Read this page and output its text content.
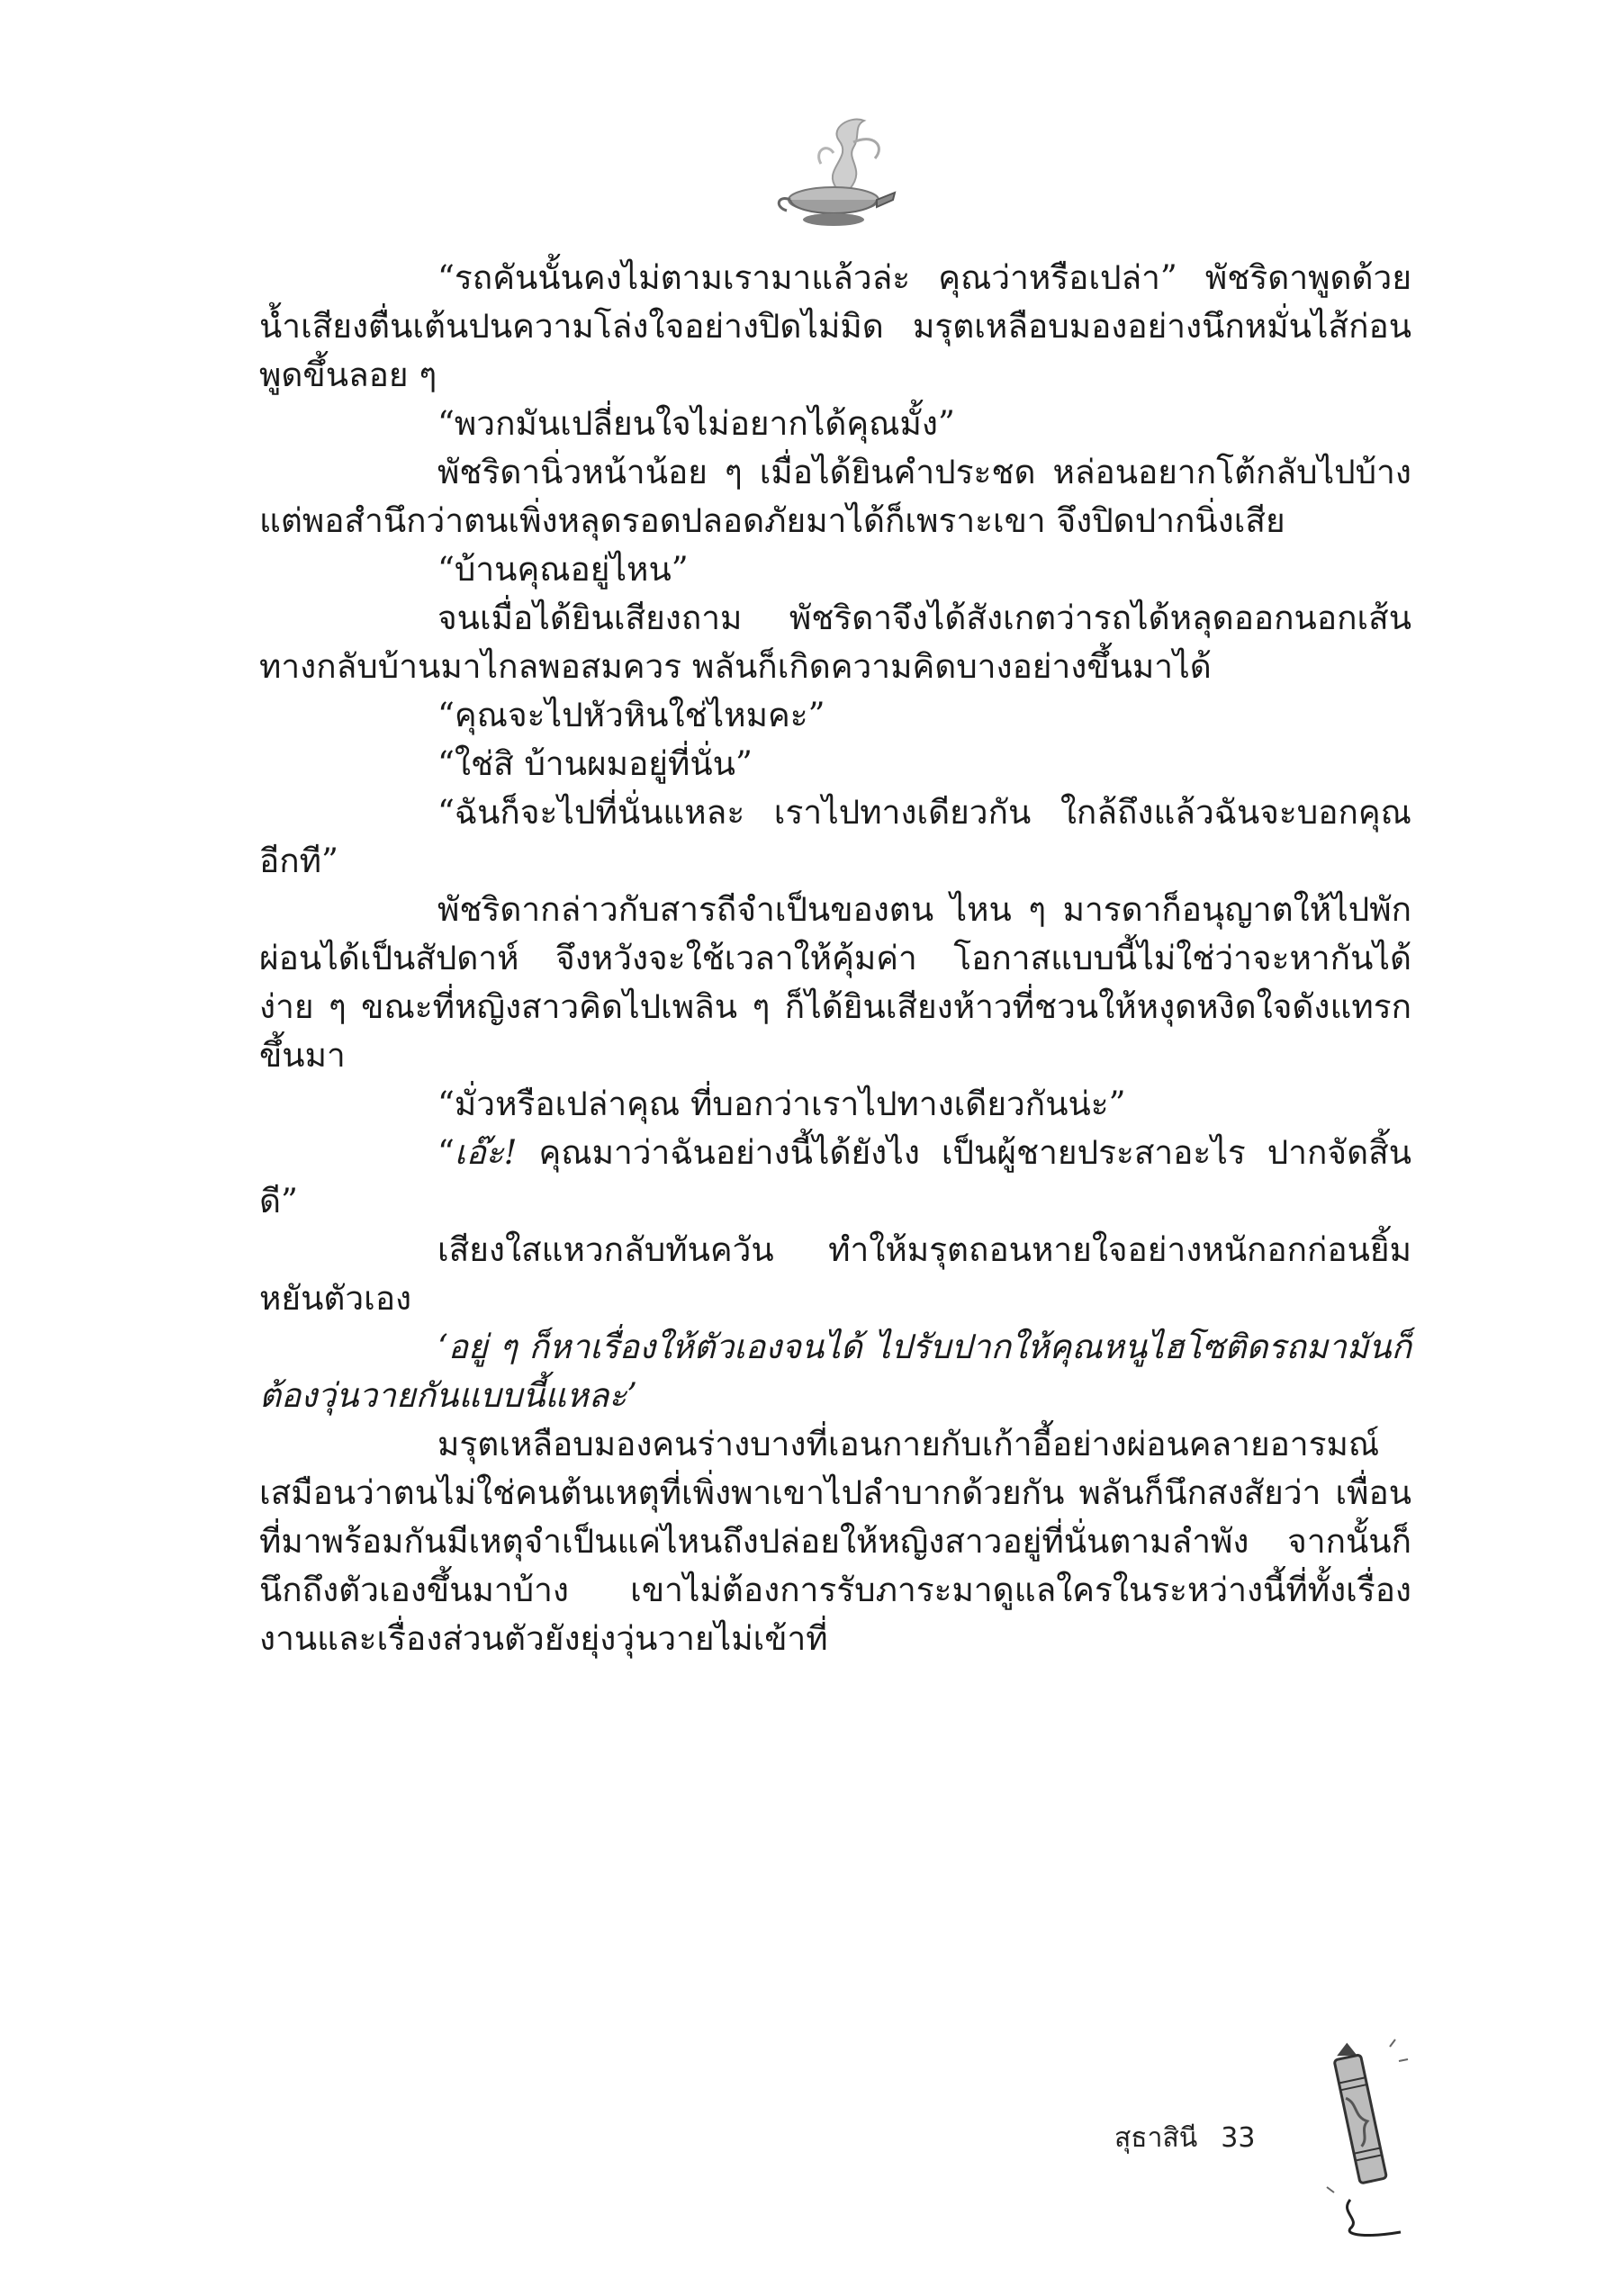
“รถคันนั้นคงไม่ตามเรามาแล้วล่ะ คุณว่าหรือเปล่า” พัชริดาพูดด้วยน้ำเสียงตื่นเต้นปนความโล่งใจอย่างปิดไม่มิด มรุตเหลือบมองอย่างนึกหมั่นไส้ก่อนพูดขึ้นลอย ๆ

“พวกมันเปลี่ยนใจไม่อยากได้คุณมั้ง”

พัชริดานิ่วหน้าน้อย ๆ เมื่อได้ยินคำประชด หล่อนอยากโต้กลับไปบ้าง แต่พอสำนึกว่าตนเพิ่งหลุดรอดปลอดภัยมาได้ก็เพราะเขา จึงปิดปากนิ่งเสีย

“บ้านคุณอยู่ไหน”

จนเมื่อได้ยินเสียงถาม พัชริดาจึงได้สังเกตว่ารถได้หลุดออกนอกเส้นทางกลับบ้านมาไกลพอสมควร พลันก็เกิดความคิดบางอย่างขึ้นมาได้

“คุณจะไปหัวหินใช่ไหมคะ”

“ใช่สิ บ้านผมอยู่ที่นั่น”

“ฉันก็จะไปที่นั่นแหละ เราไปทางเดียวกัน ใกล้ถึงแล้วฉันจะบอกคุณอีกที”

พัชริดากล่าวกับสารถีจำเป็นของตน ไหน ๆ มารดาก็อนุญาตให้ไปพักผ่อนได้เป็นสัปดาห์ จึงหวังจะใช้เวลาให้คุ้มค่า โอกาสแบบนี้ไม่ใช่ว่าจะหากันได้ง่าย ๆ ขณะที่หญิงสาวคิดไปเพลิน ๆ ก็ได้ยินเสียงห้าวที่ชวนให้หงุดหงิดใจดังแทรกขึ้นมา

“มั่วหรือเปล่าคุณ ที่บอกว่าเราไปทางเดียวกันน่ะ”

“เอ๊ะ! คุณมาว่าฉันอย่างนี้ได้ยังไง เป็นผู้ชายประสาอะไร ปากจัดสิ้นดี”

เสียงใสแหวกลับทันควัน ทำให้มรุตถอนหายใจอย่างหนักอกก่อนยิ้มหยันตัวเอง

‘อยู่ ๆ ก็หาเรื่องให้ตัวเองจนได้ ไปรับปากให้คุณหนูไฮโซติดรถมามันก็ต้องวุ่นวายกันแบบนี้แหละ’

มรุตเหลือบมองคนร่างบางที่เอนกายกับเก้าอี้อย่างผ่อนคลายอารมณ์ เสมือนว่าตนไม่ใช่คนต้นเหตุที่เพิ่งพาเขาไปลำบากด้วยกัน พลันก็นึกสงสัยว่า เพื่อนที่มาพร้อมกันมีเหตุจำเป็นแค่ไหนถึงปล่อยให้หญิงสาวอยู่ที่นั่นตามลำพัง จากนั้นก็นึกถึงตัวเองขึ้นมาบ้าง เขาไม่ต้องการรับภาระมาดูแลใครในระหว่างนี้ที่ทั้งเรื่องงานและเรื่องส่วนตัวยังยุ่งวุ่นวายไม่เข้าที่

สุธาสินี 33
